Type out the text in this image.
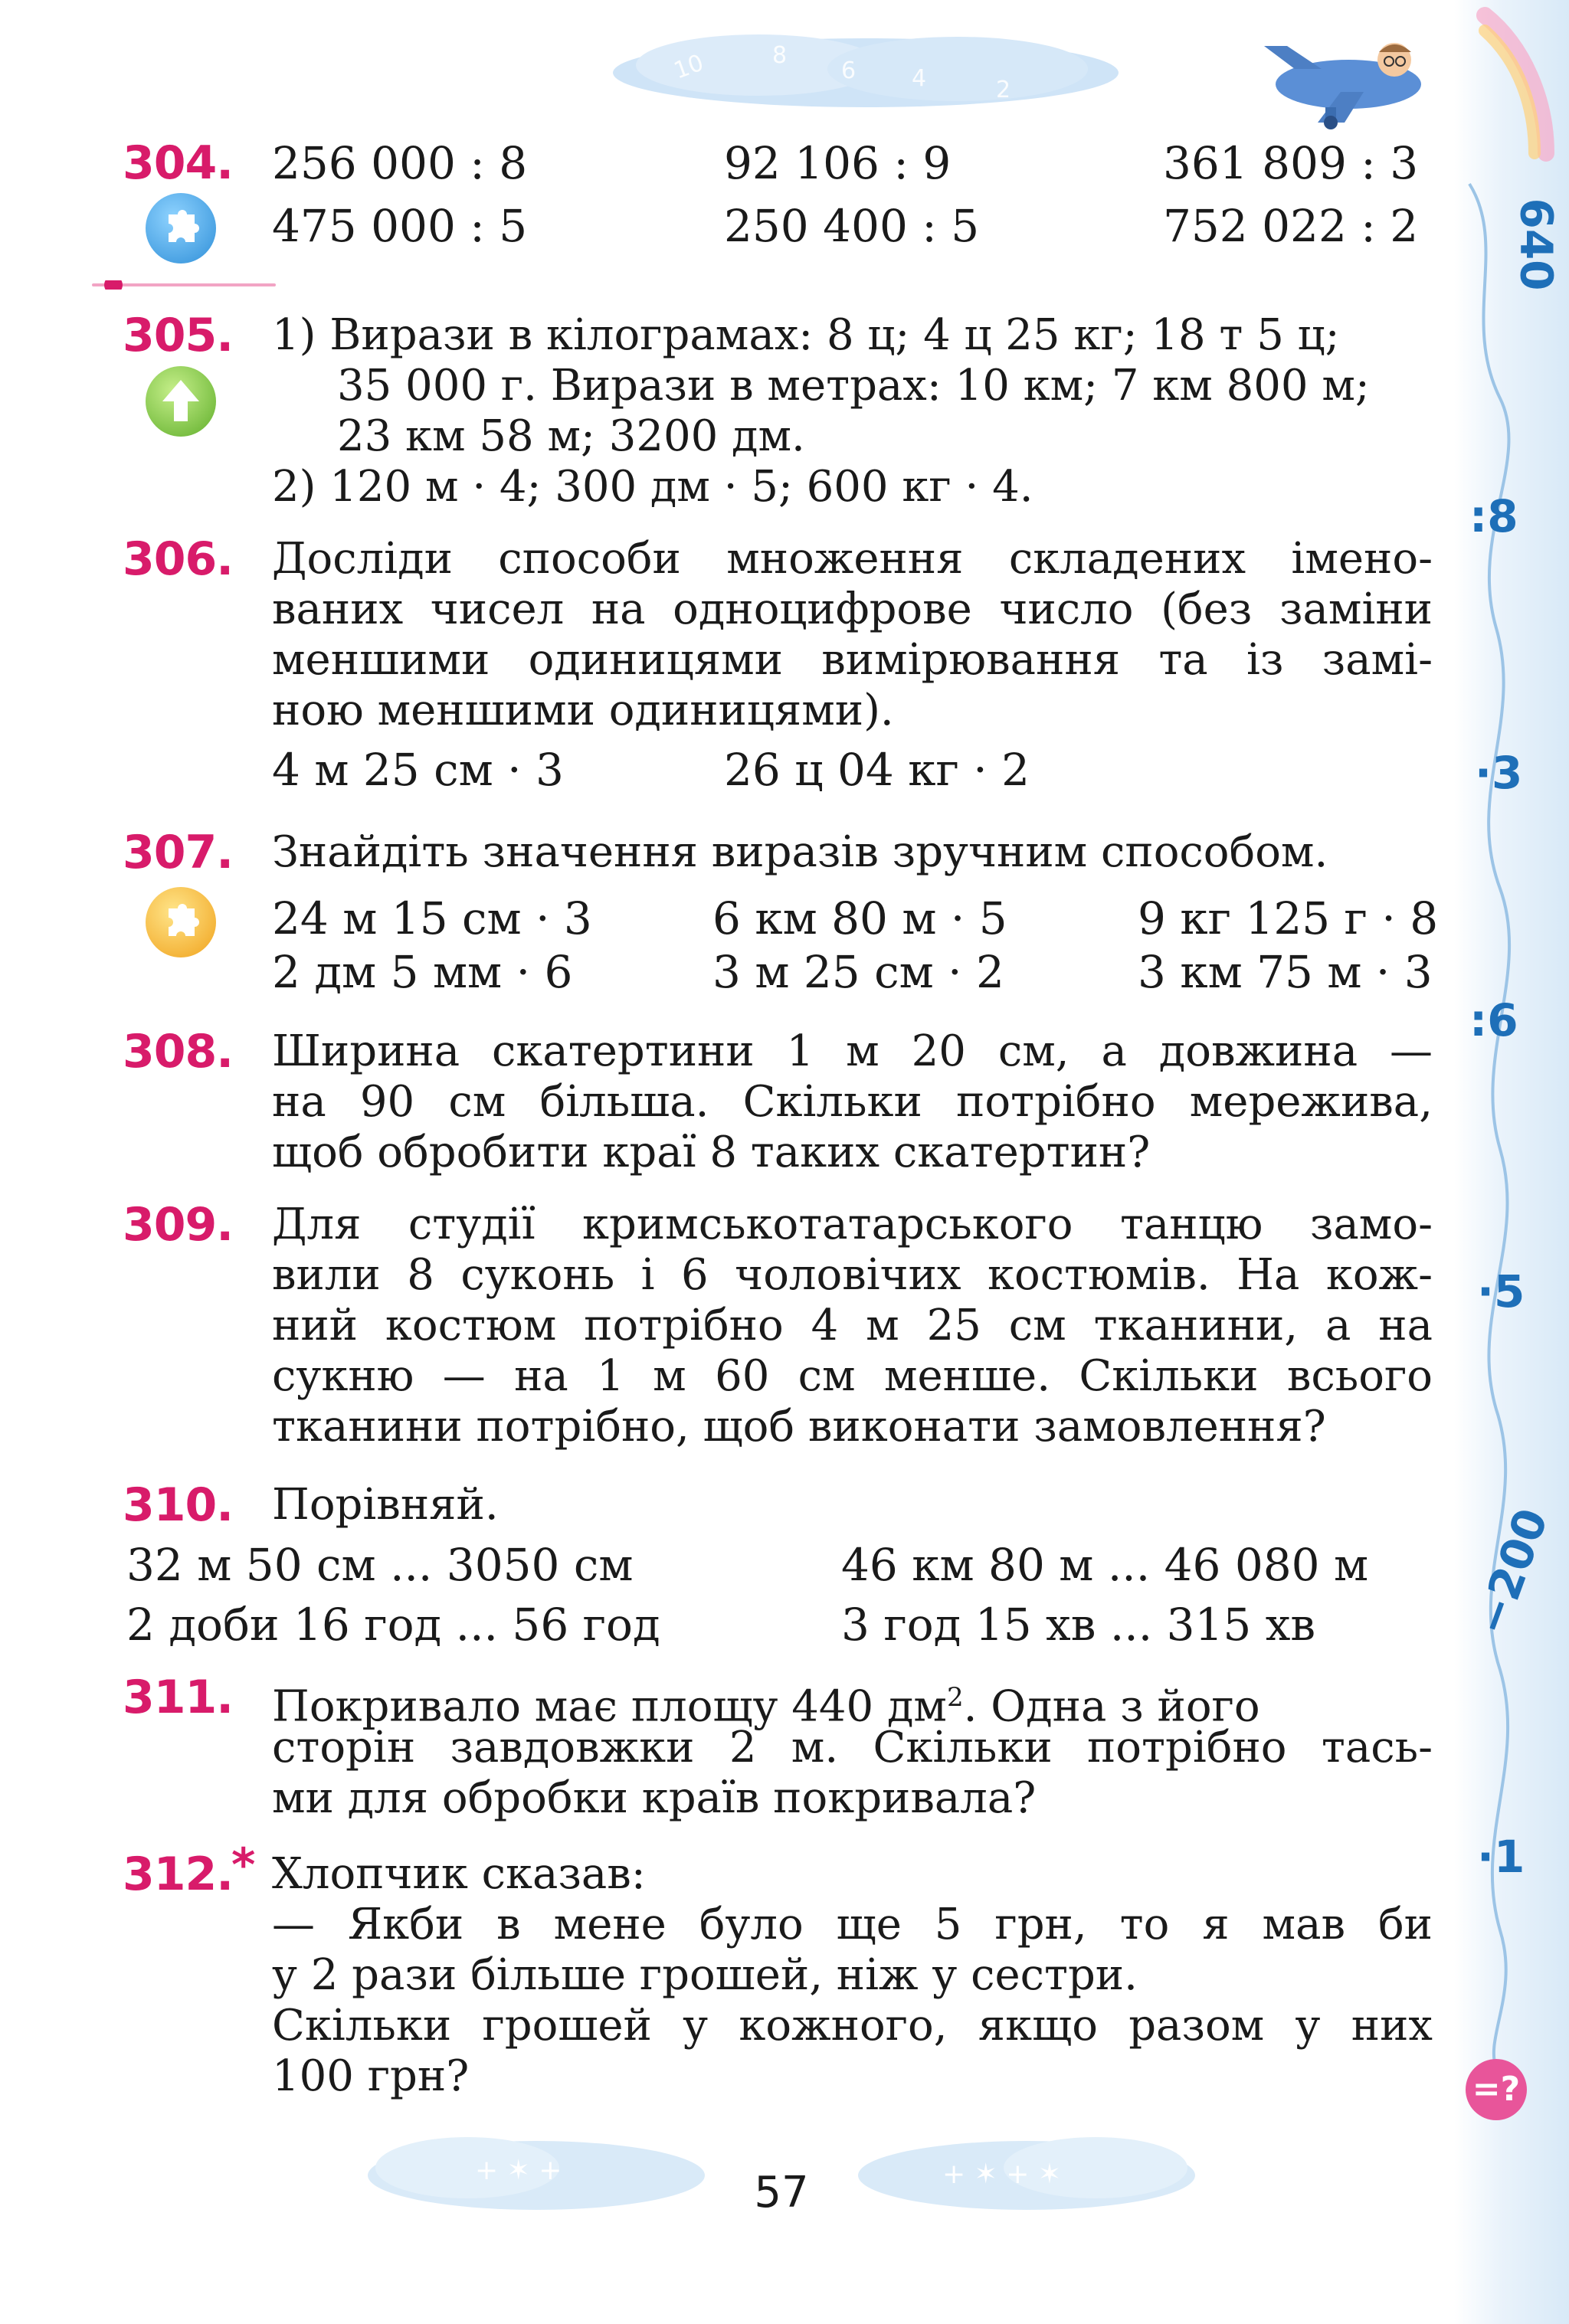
640
:8
·3
:6
·5
−200
·1
=?
10	8
6 4	2
304. 256 000 : 8	92 106 : 9	361 809 : 3
475 000 : 5	250 400 : 5	752 022 : 2
305. 1) Вирази в кілограмах: 8 ц; 4 ц 25 кг; 18 т 5 ц;
35 000 г. Вирази в метрах: 10 км; 7 км 800 м;
23 км 58 м; 3200 дм.
2) 120 м · 4; 300 дм · 5; 600 кг · 4.
306. Досліди способи множення складених імено-
ваних чисел на одноцифрове число (без заміни
меншими одиницями вимірювання та із замі-
ною меншими одиницями).
4 м 25 см · 3	26 ц 04 кг · 2
307. Знайдіть значення виразів зручним способом.
24 м 15 см · 3	6 км 80 м · 5	9 кг 125 г · 8
2 дм 5 мм · 6	3 м 25 см · 2	3 км 75 м · 3
308. Ширина скатертини 1 м 20 см, а довжина —
на 90 см більша. Скільки потрібно мережива,
щоб обробити краї 8 таких скатертин?
309. Для студії кримськотатарського танцю замо-
вили 8 суконь і 6 чоловічих костюмів. На кож-
ний костюм потрібно 4 м 25 см тканини, а на
сукню — на 1 м 60 см менше. Скільки всього
тканини потрібно, щоб виконати замовлення?
310. Порівняй.
32 м 50 см ... 3050 см	46 км 80 м ... 46 080 м
2 доби 16 год ... 56 год	3 год 15 хв ... 315 хв
311. Покривало має площу 440 $дм^2$. Одна з його
сторін завдовжки 2 м. Скільки потрібно тась-
ми для обробки країв покривала?
312.
* Хлопчик сказав:
— Якби в мене було ще 5 грн, то я мав би
у 2 рази більше грошей, ніж у сестри.
Скільки грошей у кожного, якщо разом у них
100 грн?
+ ✶ +	+ ✶ + ✶
57
